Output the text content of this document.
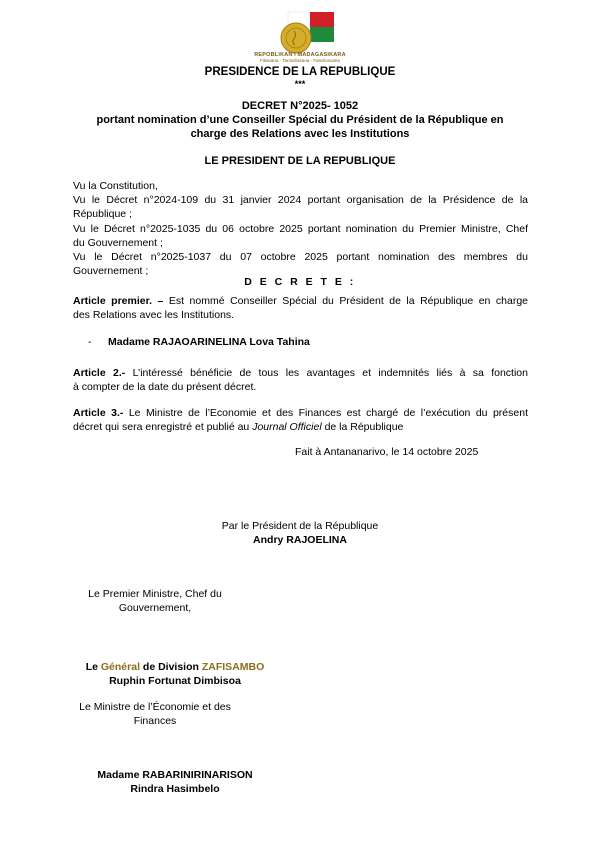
REPOBLIKAN'I MADAGASIKARA
Fitiavana - Tanindrazana - Fandrosoana
PRESIDENCE DE LA REPUBLIQUE
***
DECRET N°2025- 1052
portant nomination d’une Conseiller Spécial du Président de la République en
charge des Relations avec les Institutions
LE PRESIDENT DE LA REPUBLIQUE
Vu la Constitution,
Vu le Décret n°2024-109 du 31 janvier 2024 portant organisation de la Présidence de la
République ;
Vu le Décret n°2025-1035 du 06 octobre 2025 portant nomination du Premier Ministre, Chef
du Gouvernement ;
Vu le Décret n°2025-1037 du 07 octobre 2025 portant nomination des membres du
Gouvernement ;
D E C R E T E :
Article premier. – Est nommé Conseiller Spécial du Président de la République en charge
des Relations avec les Institutions.
- Madame RAJAOARINELINA Lova Tahina
Article 2.- L’intéressé bénéficie de tous les avantages et indemnités liés à sa fonction
à compter de la date du présent décret.
Article 3.- Le Ministre de l’Economie et des Finances est chargé de l’exécution du présent
décret qui sera enregistré et publié au Journal Officiel de la République
Fait à Antananarivo, le 14 octobre 2025
Par le Président de la République
Andry RAJOELINA
Le Premier Ministre, Chef du
Gouvernement,
Le Général de Division ZAFISAMBO
Ruphin Fortunat Dimbisoa
Le Ministre de l’Économie et des
Finances
Madame RABARINIRINARISON
Rindra Hasimbelo
